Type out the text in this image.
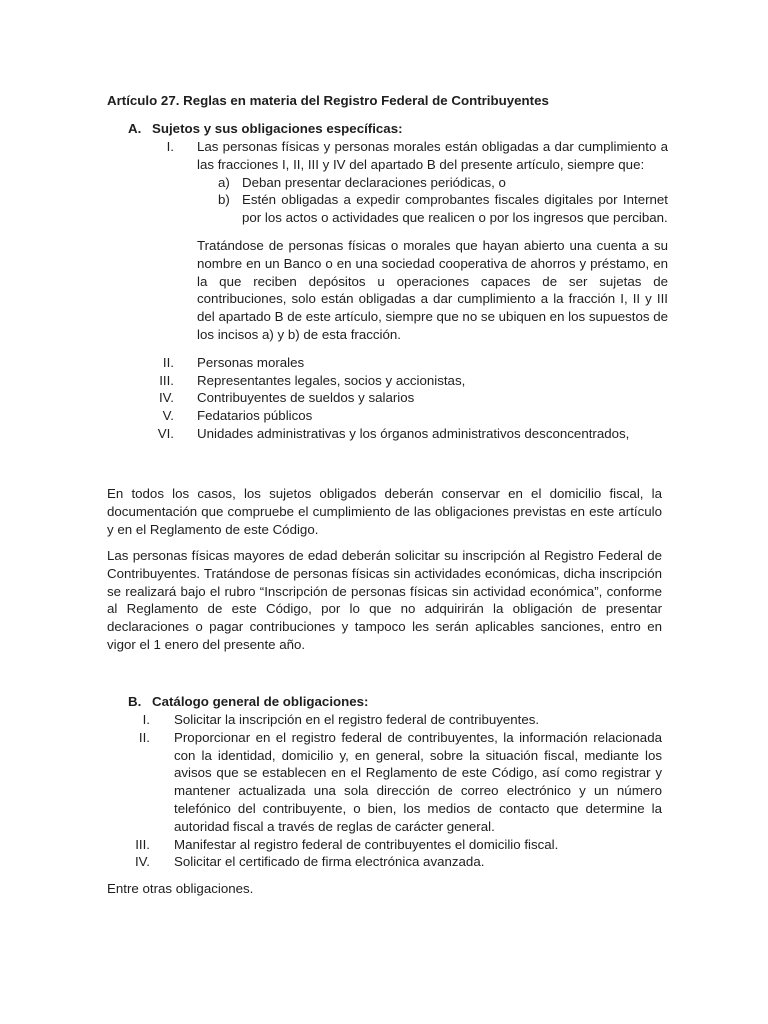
Artículo 27. Reglas en materia del Registro Federal de Contribuyentes
A. Sujetos y sus obligaciones específicas:
I.	Las personas físicas y personas morales están obligadas a dar cumplimiento a las fracciones I, II, III y IV del apartado B del presente artículo, siempre que:
a) Deban presentar declaraciones periódicas, o
b) Estén obligadas a expedir comprobantes fiscales digitales por Internet por los actos o actividades que realicen o por los ingresos que perciban.
Tratándose de personas físicas o morales que hayan abierto una cuenta a su nombre en un Banco o en una sociedad cooperativa de ahorros y préstamo, en la que reciben depósitos u operaciones capaces de ser sujetas de contribuciones, solo están obligadas a dar cumplimiento a la fracción I, II y III del apartado B de este artículo, siempre que no se ubiquen en los supuestos de los incisos a) y b) de esta fracción.
II.	Personas morales
III.	Representantes legales, socios y accionistas,
IV.	Contribuyentes de sueldos y salarios
V.	Fedatarios públicos
VI.	Unidades administrativas y los órganos administrativos desconcentrados,
En todos los casos, los sujetos obligados deberán conservar en el domicilio fiscal, la documentación que compruebe el cumplimiento de las obligaciones previstas en este artículo y en el Reglamento de este Código.
Las personas físicas mayores de edad deberán solicitar su inscripción al Registro Federal de Contribuyentes. Tratándose de personas físicas sin actividades económicas, dicha inscripción se realizará bajo el rubro “Inscripción de personas físicas sin actividad económica”, conforme al Reglamento de este Código, por lo que no adquirirán la obligación de presentar declaraciones o pagar contribuciones y tampoco les serán aplicables sanciones, entro en vigor el 1 enero del presente año.
B. Catálogo general de obligaciones:
I.	Solicitar la inscripción en el registro federal de contribuyentes.
II.	Proporcionar en el registro federal de contribuyentes, la información relacionada con la identidad, domicilio y, en general, sobre la situación fiscal, mediante los avisos que se establecen en el Reglamento de este Código, así como registrar y mantener actualizada una sola dirección de correo electrónico y un número telefónico del contribuyente, o bien, los medios de contacto que determine la autoridad fiscal a través de reglas de carácter general.
III.	Manifestar al registro federal de contribuyentes el domicilio fiscal.
IV.	Solicitar el certificado de firma electrónica avanzada.
Entre otras obligaciones.
